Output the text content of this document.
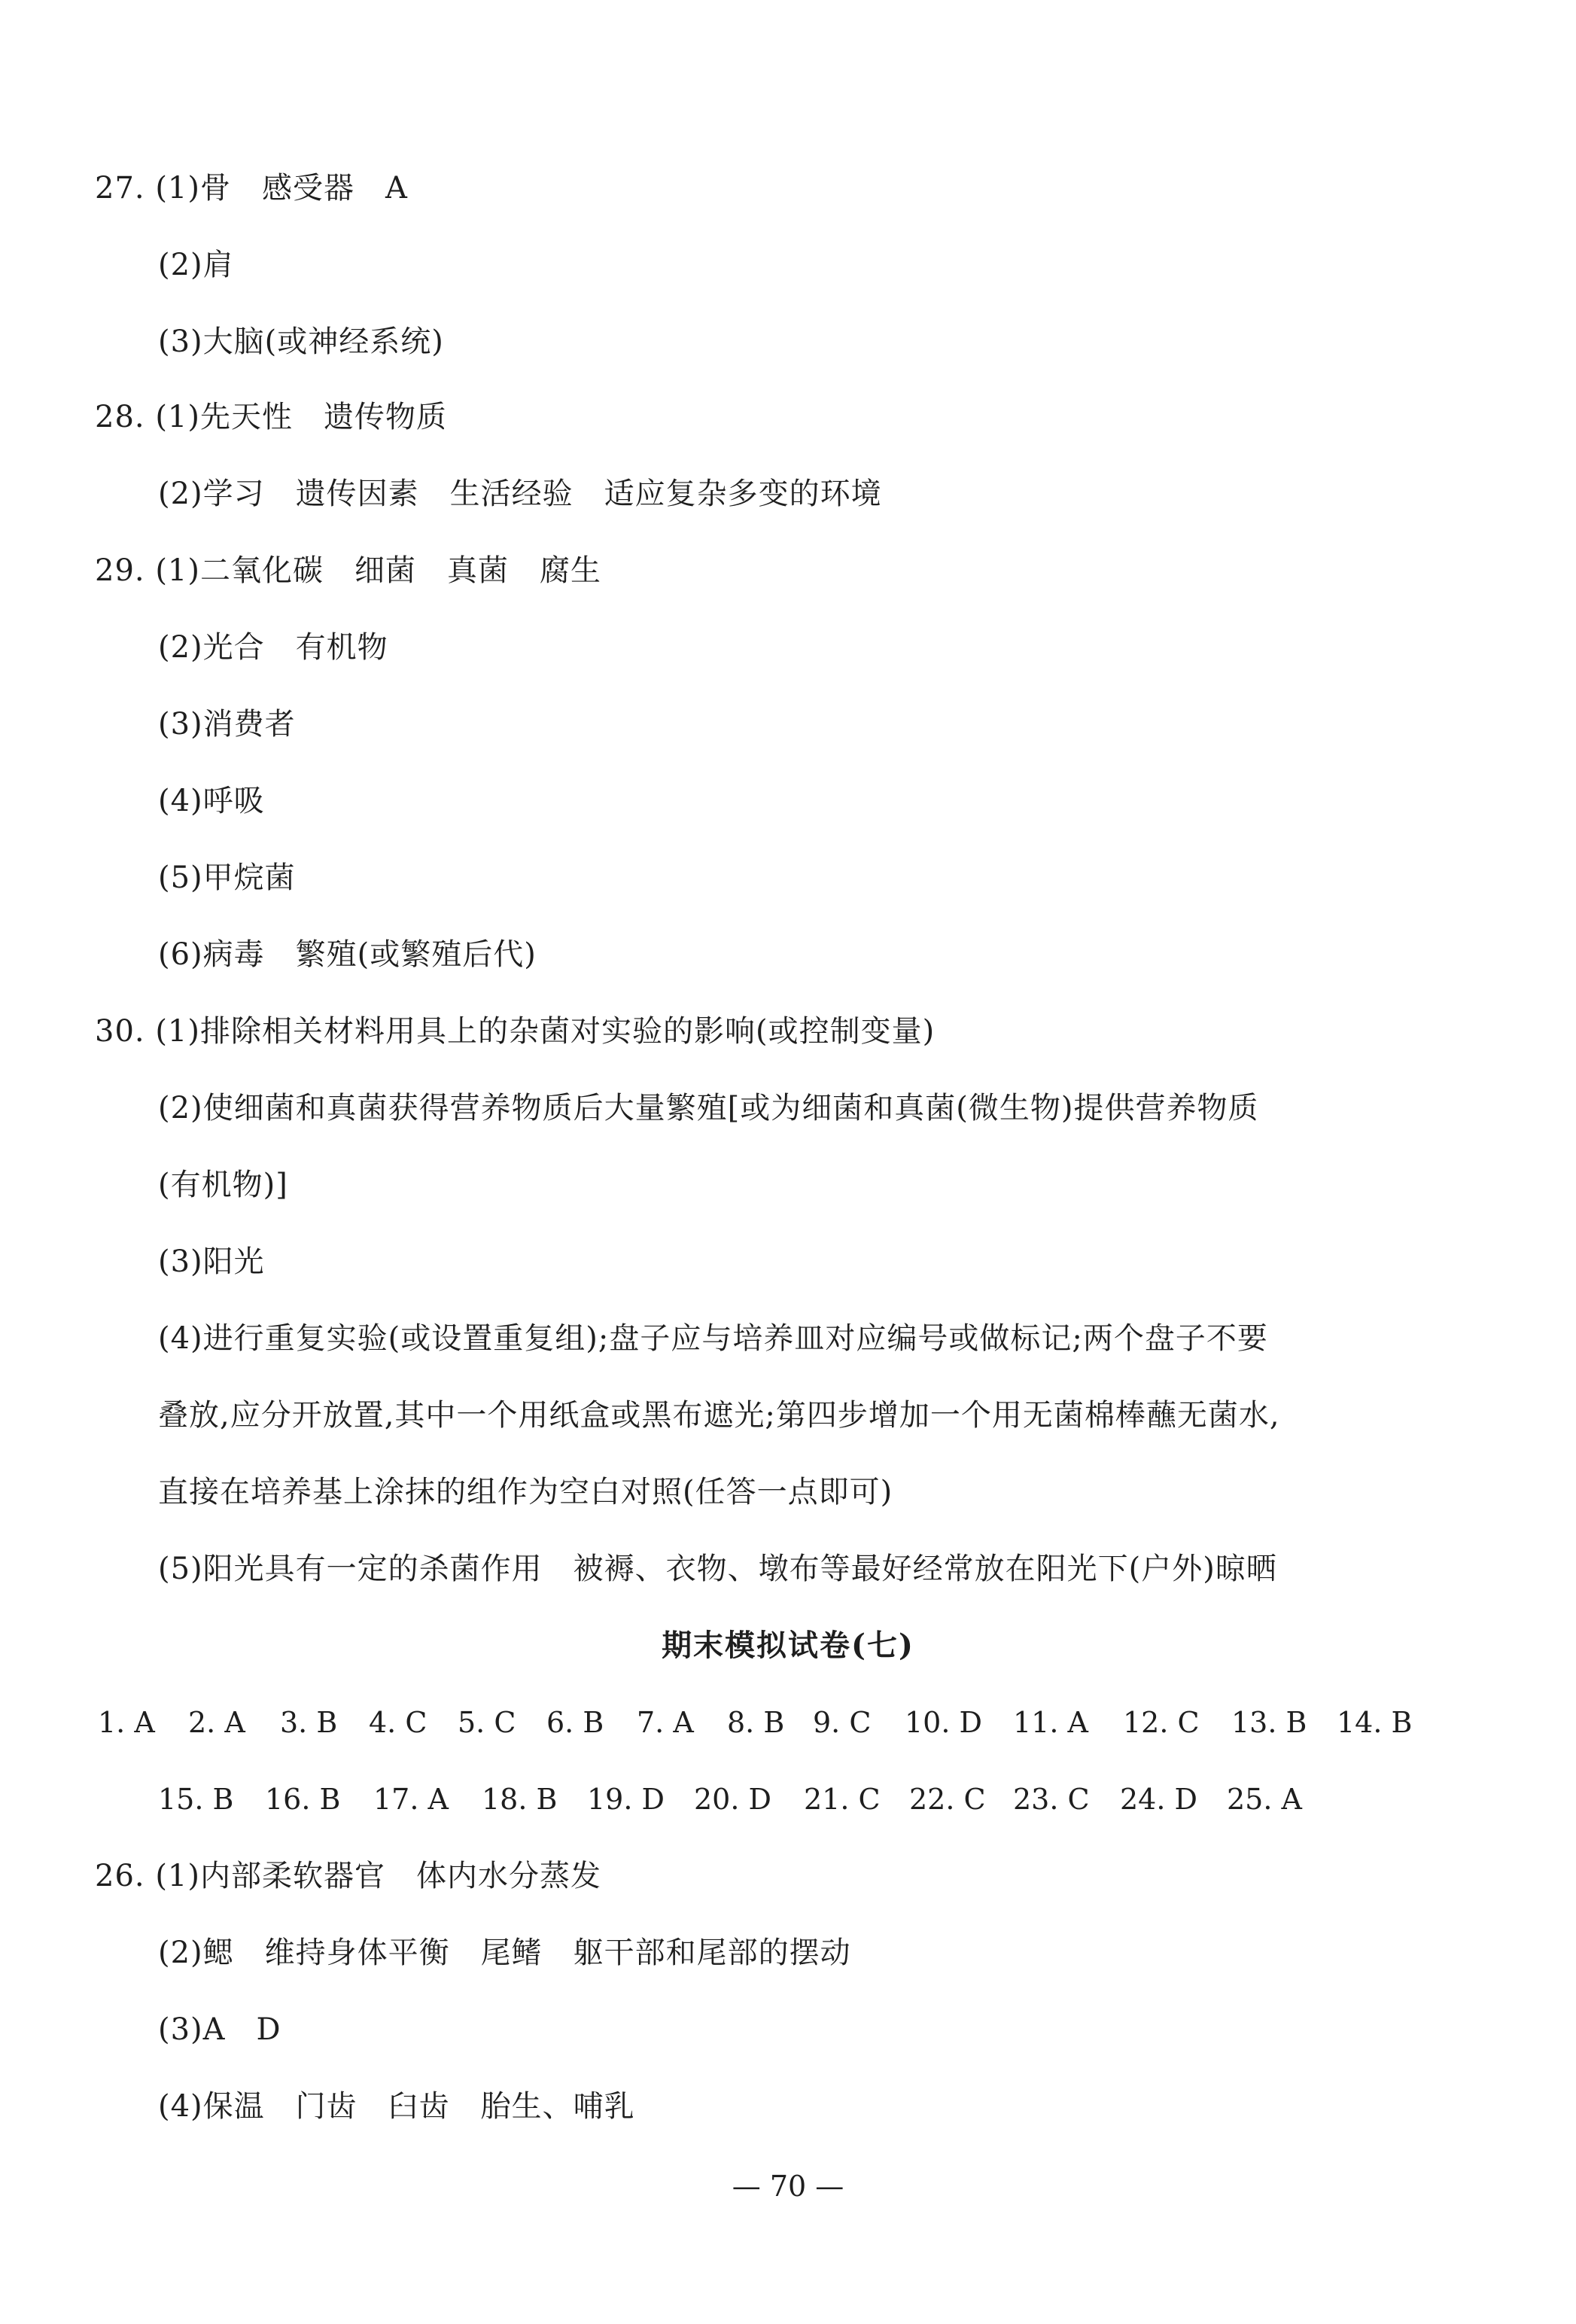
27. (1)骨　感受器　A
(2)肩
(3)大脑(或神经系统)
28. (1)先天性　遗传物质
(2)学习　遗传因素　生活经验　适应复杂多变的环境
29. (1)二氧化碳　细菌　真菌　腐生
(2)光合　有机物
(3)消费者
(4)呼吸
(5)甲烷菌
(6)病毒　繁殖(或繁殖后代)
30. (1)排除相关材料用具上的杂菌对实验的影响(或控制变量)
(2)使细菌和真菌获得营养物质后大量繁殖[或为细菌和真菌(微生物)提供营养物质
(有机物)]
(3)阳光
(4)进行重复实验(或设置重复组);盘子应与培养皿对应编号或做标记;两个盘子不要
叠放,应分开放置,其中一个用纸盒或黑布遮光;第四步增加一个用无菌棉棒蘸无菌水,
直接在培养基上涂抹的组作为空白对照(任答一点即可)
(5)阳光具有一定的杀菌作用　被褥、衣物、墩布等最好经常放在阳光下(户外)晾晒
期末模拟试卷(七)
1. A 2. A 3. B 4. C 5. C 6. B 7. A 8. B 9. C 10. D 11. A 12. C 13. B 14. B
15. B 16. B 17. A 18. B 19. D 20. D 21. C 22. C 23. C 24. D 25. A
26. (1)内部柔软器官　体内水分蒸发
(2)鳃　维持身体平衡　尾鳍　躯干部和尾部的摆动
(3)A　D
(4)保温　门齿　臼齿　胎生、哺乳
— 70 —
